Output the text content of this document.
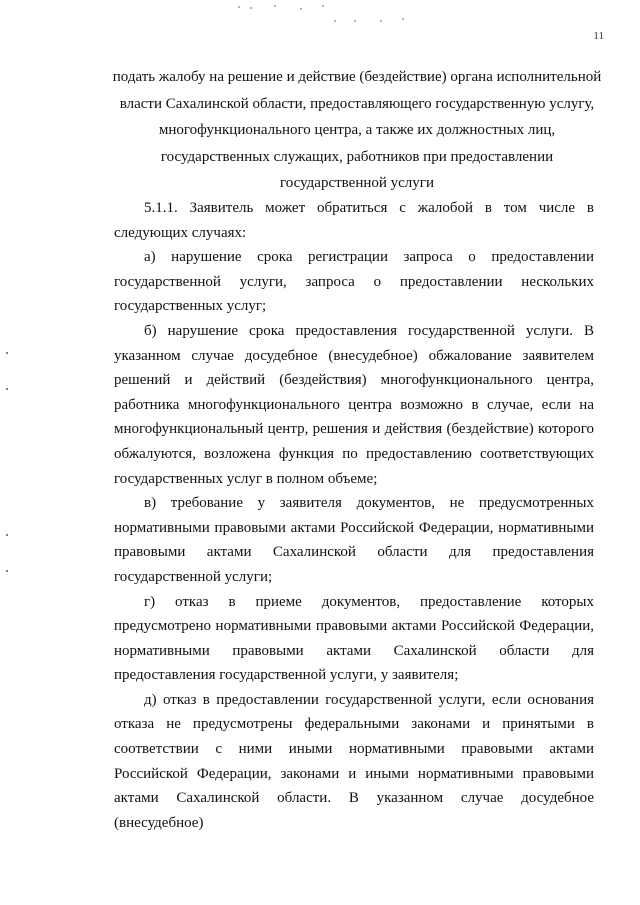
11
подать жалобу на решение и действие (бездействие) органа исполнительной
власти Сахалинской области, предоставляющего государственную услугу,
многофункционального центра, а также их должностных лиц,
государственных служащих, работников при предоставлении
государственной услуги

5.1.1. Заявитель может обратиться с жалобой в том числе в следующих случаях:

а) нарушение срока регистрации запроса о предоставлении государственной услуги, запроса о предоставлении нескольких государственных услуг;

б) нарушение срока предоставления государственной услуги. В указанном случае досудебное (внесудебное) обжалование заявителем решений и действий (бездействия) многофункционального центра, работника многофункционального центра возможно в случае, если на многофункциональный центр, решения и действия (бездействие) которого обжалуются, возложена функция по предоставлению соответствующих государственных услуг в полном объеме;

в) требование у заявителя документов, не предусмотренных нормативными правовыми актами Российской Федерации, нормативными правовыми актами Сахалинской области для предоставления государственной услуги;

г) отказ в приеме документов, предоставление которых предусмотрено нормативными правовыми актами Российской Федерации, нормативными правовыми актами Сахалинской области для предоставления государственной услуги, у заявителя;

д) отказ в предоставлении государственной услуги, если основания отказа не предусмотрены федеральными законами и принятыми в соответствии с ними иными нормативными правовыми актами Российской Федерации, законами и иными нормативными правовыми актами Сахалинской области. В указанном случае досудебное (внесудебное)
